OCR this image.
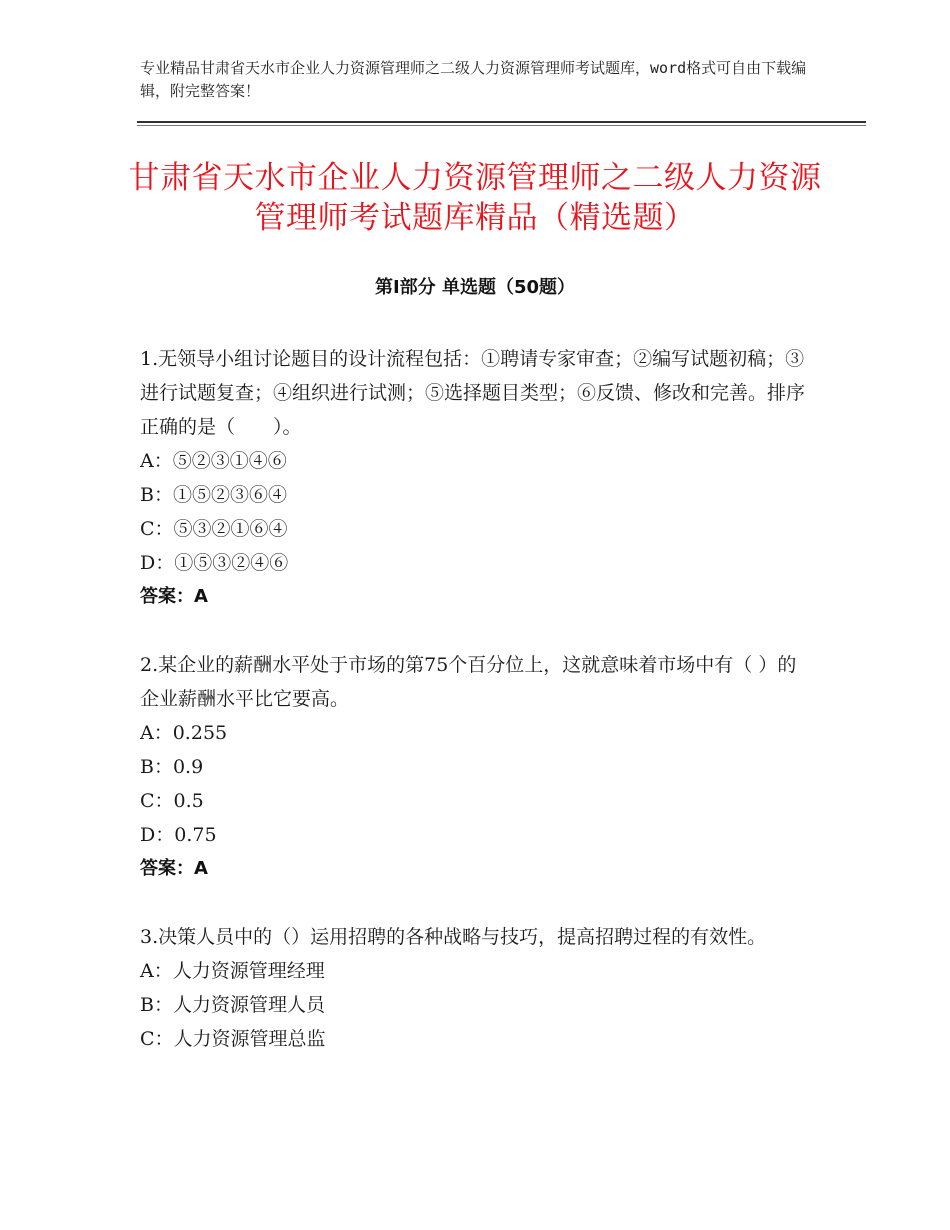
专业精品甘肃省天水市企业人力资源管理师之二级人力资源管理师考试题库，word格式可自由下载编辑，附完整答案！
甘肃省天水市企业人力资源管理师之二级人力资源管理师考试题库精品（精选题）
第Ⅰ部分 单选题（50题）

1.无领导小组讨论题目的设计流程包括：①聘请专家审查；②编写试题初稿；③进行试题复查；④组织进行试测；⑤选择题目类型；⑥反馈、修改和完善。排序正确的是（　　）。

A：⑤②③①④⑥

B：①⑤②③⑥④

C：⑤③②①⑥④

D：①⑤③②④⑥

答案：A

2.某企业的薪酬水平处于市场的第75个百分位上，这就意味着市场中有（ ）的企业薪酬水平比它要高。

A：0.255

B：0.9

C：0.5

D：0.75

答案：A

3.决策人员中的（）运用招聘的各种战略与技巧，提高招聘过程的有效性。

A：人力资源管理经理

B：人力资源管理人员

C：人力资源管理总监
